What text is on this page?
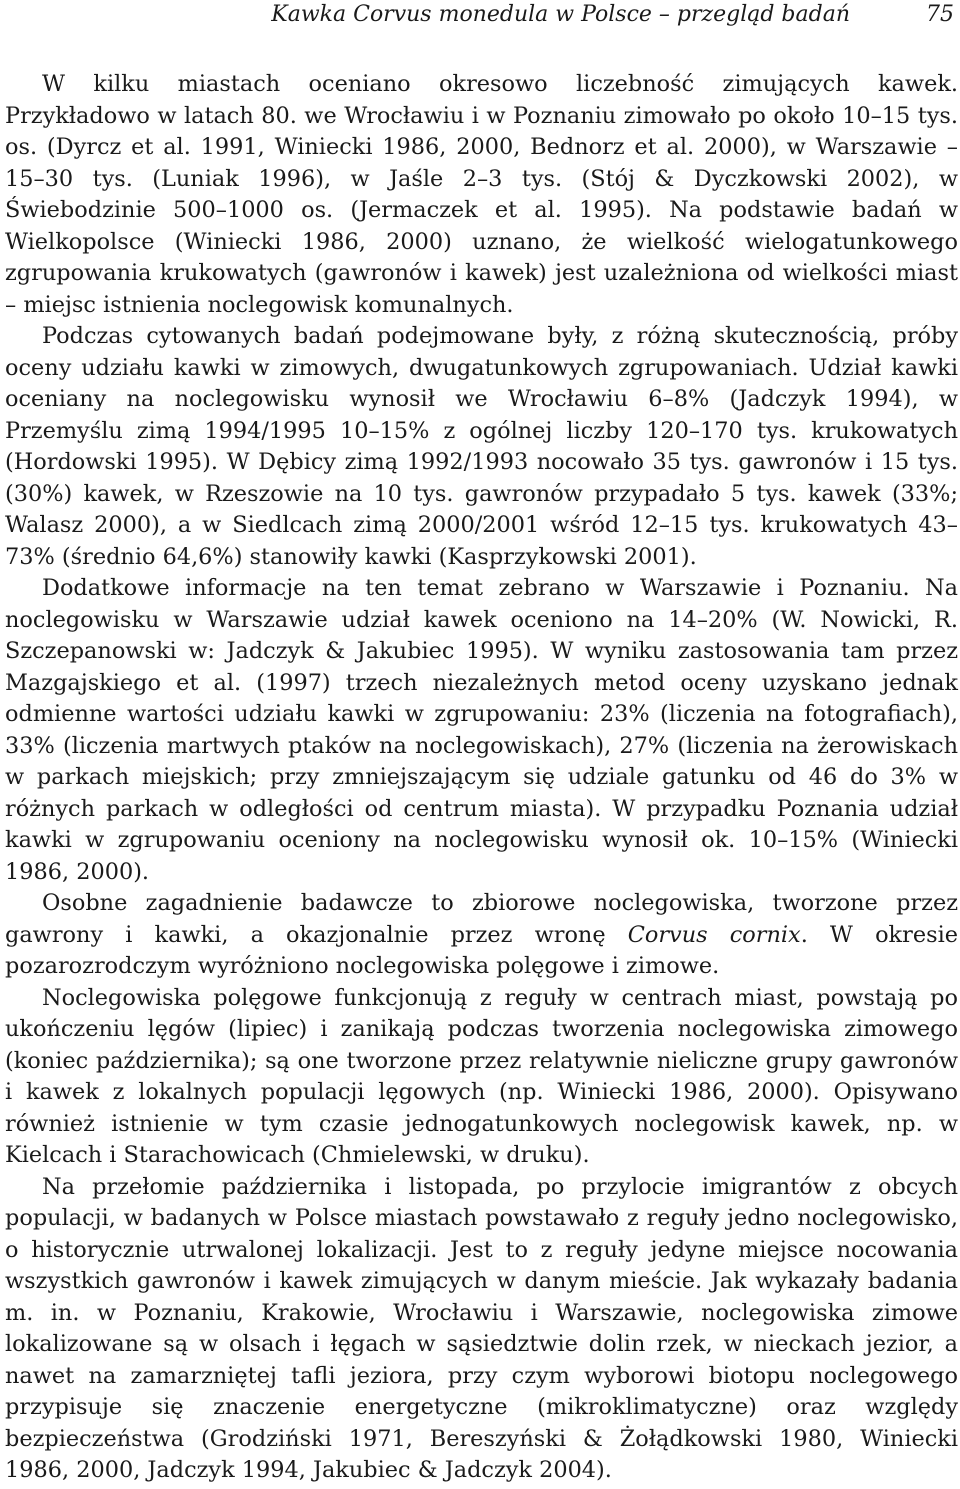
Kawka Corvus monedula w Polsce – przegląd badań	75

W kilku miastach oceniano okresowo liczebność zimujących kawek. Przykładowo w latach 80. we Wrocławiu i w Poznaniu zimowało po około 10–15 tys. os. (Dyrcz et al. 1991, Winiecki 1986, 2000, Bednorz et al. 2000), w Warszawie – 15–30 tys. (Luniak 1996), w Jaśle 2–3 tys. (Stój & Dyczkowski 2002), w Świebodzinie 500–1000 os. (Jermaczek et al. 1995). Na podstawie badań w Wielkopolsce (Winiecki 1986, 2000) uznano, że wielkość wielogatunkowego zgrupowania krukowatych (gawronów i kawek) jest uzależniona od wielkości miast – miejsc istnienia noclegowisk komunalnych.

Podczas cytowanych badań podejmowane były, z różną skutecznością, próby oceny udziału kawki w zimowych, dwugatunkowych zgrupowaniach. Udział kawki oceniany na noclegowisku wynosił we Wrocławiu 6–8% (Jadczyk 1994), w Przemyślu zimą 1994/1995 10–15% z ogólnej liczby 120–170 tys. krukowatych (Hordowski 1995). W Dębicy zimą 1992/1993 nocowało 35 tys. gawronów i 15 tys. (30%) kawek, w Rzeszowie na 10 tys. gawronów przypadało 5 tys. kawek (33%; Walasz 2000), a w Siedlcach zimą 2000/2001 wśród 12–15 tys. krukowatych 43–73% (średnio 64,6%) stanowiły kawki (Kasprzykowski 2001).

Dodatkowe informacje na ten temat zebrano w Warszawie i Poznaniu. Na noclegowisku w Warszawie udział kawek oceniono na 14–20% (W. Nowicki, R. Szczepanowski w: Jadczyk & Jakubiec 1995). W wyniku zastosowania tam przez Mazgajskiego et al. (1997) trzech niezależnych metod oceny uzyskano jednak odmienne wartości udziału kawki w zgrupowaniu: 23% (liczenia na fotografiach), 33% (liczenia martwych ptaków na noclegowiskach), 27% (liczenia na żerowiskach w parkach miejskich; przy zmniejszającym się udziale gatunku od 46 do 3% w różnych parkach w odległości od centrum miasta). W przypadku Poznania udział kawki w zgrupowaniu oceniony na noclegowisku wynosił ok. 10–15% (Winiecki 1986, 2000).

Osobne zagadnienie badawcze to zbiorowe noclegowiska, tworzone przez gawrony i kawki, a okazjonalnie przez wronę Corvus cornix. W okresie pozarozrodczym wyróżniono noclegowiska polęgowe i zimowe.

Noclegowiska polęgowe funkcjonują z reguły w centrach miast, powstają po ukończeniu lęgów (lipiec) i zanikają podczas tworzenia noclegowiska zimowego (koniec października); są one tworzone przez relatywnie nieliczne grupy gawronów i kawek z lokalnych populacji lęgowych (np. Winiecki 1986, 2000). Opisywano również istnienie w tym czasie jednogatunkowych noclegowisk kawek, np. w Kielcach i Starachowicach (Chmielewski, w druku).

Na przełomie października i listopada, po przylocie imigrantów z obcych populacji, w badanych w Polsce miastach powstawało z reguły jedno noclegowisko, o historycznie utrwalonej lokalizacji. Jest to z reguły jedyne miejsce nocowania wszystkich gawronów i kawek zimujących w danym mieście. Jak wykazały badania m. in. w Poznaniu, Krakowie, Wrocławiu i Warszawie, noclegowiska zimowe lokalizowane są w olsach i łęgach w sąsiedztwie dolin rzek, w nieckach jezior, a nawet na zamarzniętej tafli jeziora, przy czym wyborowi biotopu noclegowego przypisuje się znaczenie energetyczne (mikroklimatyczne) oraz względy bezpieczeństwa (Grodziński 1971, Bereszyński & Żołądkowski 1980, Winiecki 1986, 2000, Jadczyk 1994, Jakubiec & Jadczyk 2004).
